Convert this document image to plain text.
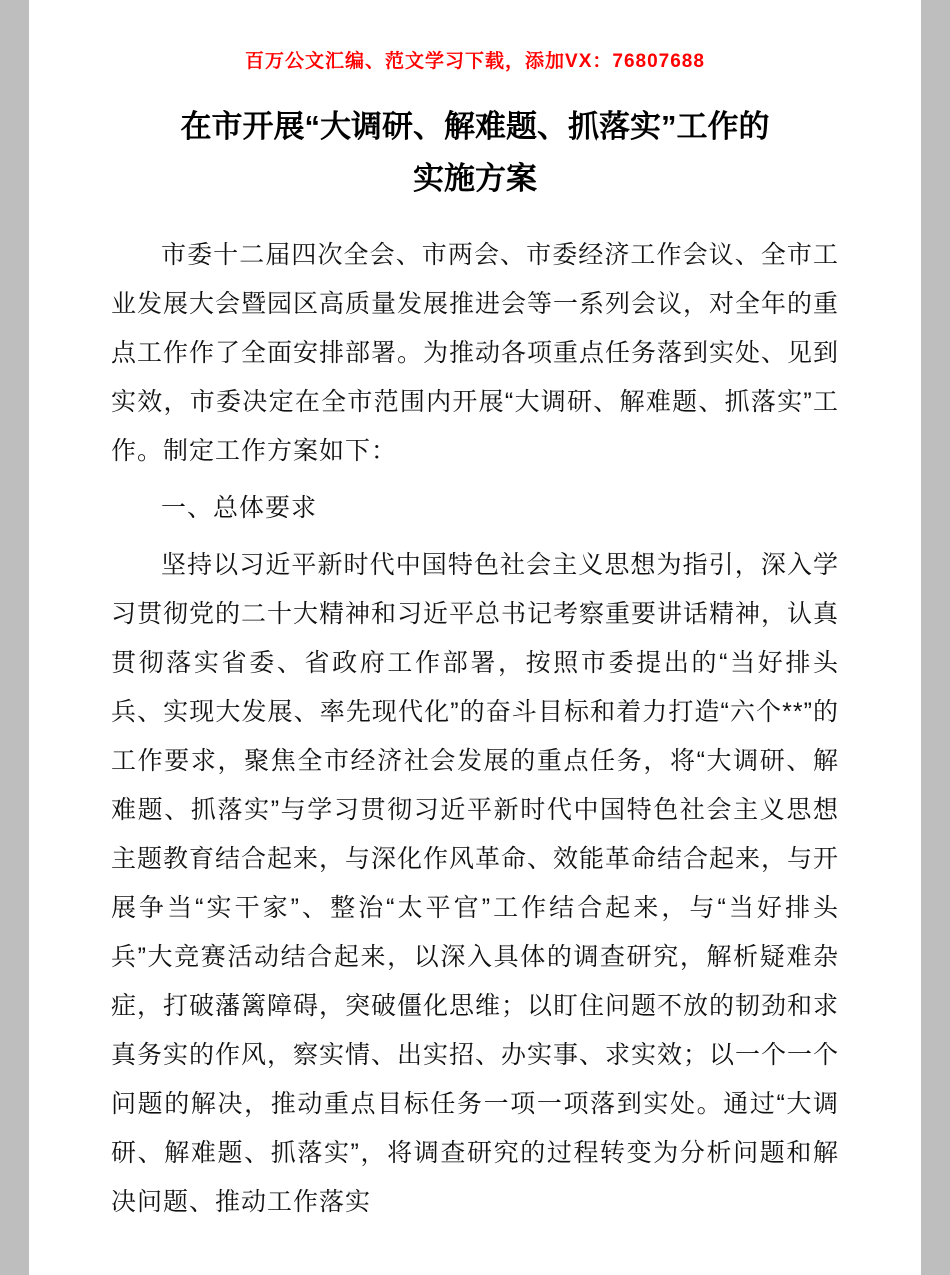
百万公文汇编、范文学习下载，添加VX：76807688
在市开展“大调研、解难题、抓落实”工作的
实施方案

市委十二届四次全会、市两会、市委经济工作会议、全市工业发展大会暨园区高质量发展推进会等一系列会议，对全年的重点工作作了全面安排部署。为推动各项重点任务落到实处、见到实效，市委决定在全市范围内开展“大调研、解难题、抓落实”工作。制定工作方案如下：

一、总体要求

坚持以习近平新时代中国特色社会主义思想为指引，深入学习贯彻党的二十大精神和习近平总书记考察重要讲话精神，认真贯彻落实省委、省政府工作部署，按照市委提出的“当好排头兵、实现大发展、率先现代化”的奋斗目标和着力打造“六个**”的工作要求，聚焦全市经济社会发展的重点任务，将“大调研、解难题、抓落实”与学习贯彻习近平新时代中国特色社会主义思想主题教育结合起来，与深化作风革命、效能革命结合起来，与开展争当“实干家”、整治“太平官”工作结合起来，与“当好排头兵”大竞赛活动结合起来，以深入具体的调查研究，解析疑难杂症，打破藩篱障碍，突破僵化思维；以盯住问题不放的韧劲和求真务实的作风，察实情、出实招、办实事、求实效；以一个一个问题的解决，推动重点目标任务一项一项落到实处。通过“大调研、解难题、抓落实”，将调查研究的过程转变为分析问题和解决问题、推动工作落实
